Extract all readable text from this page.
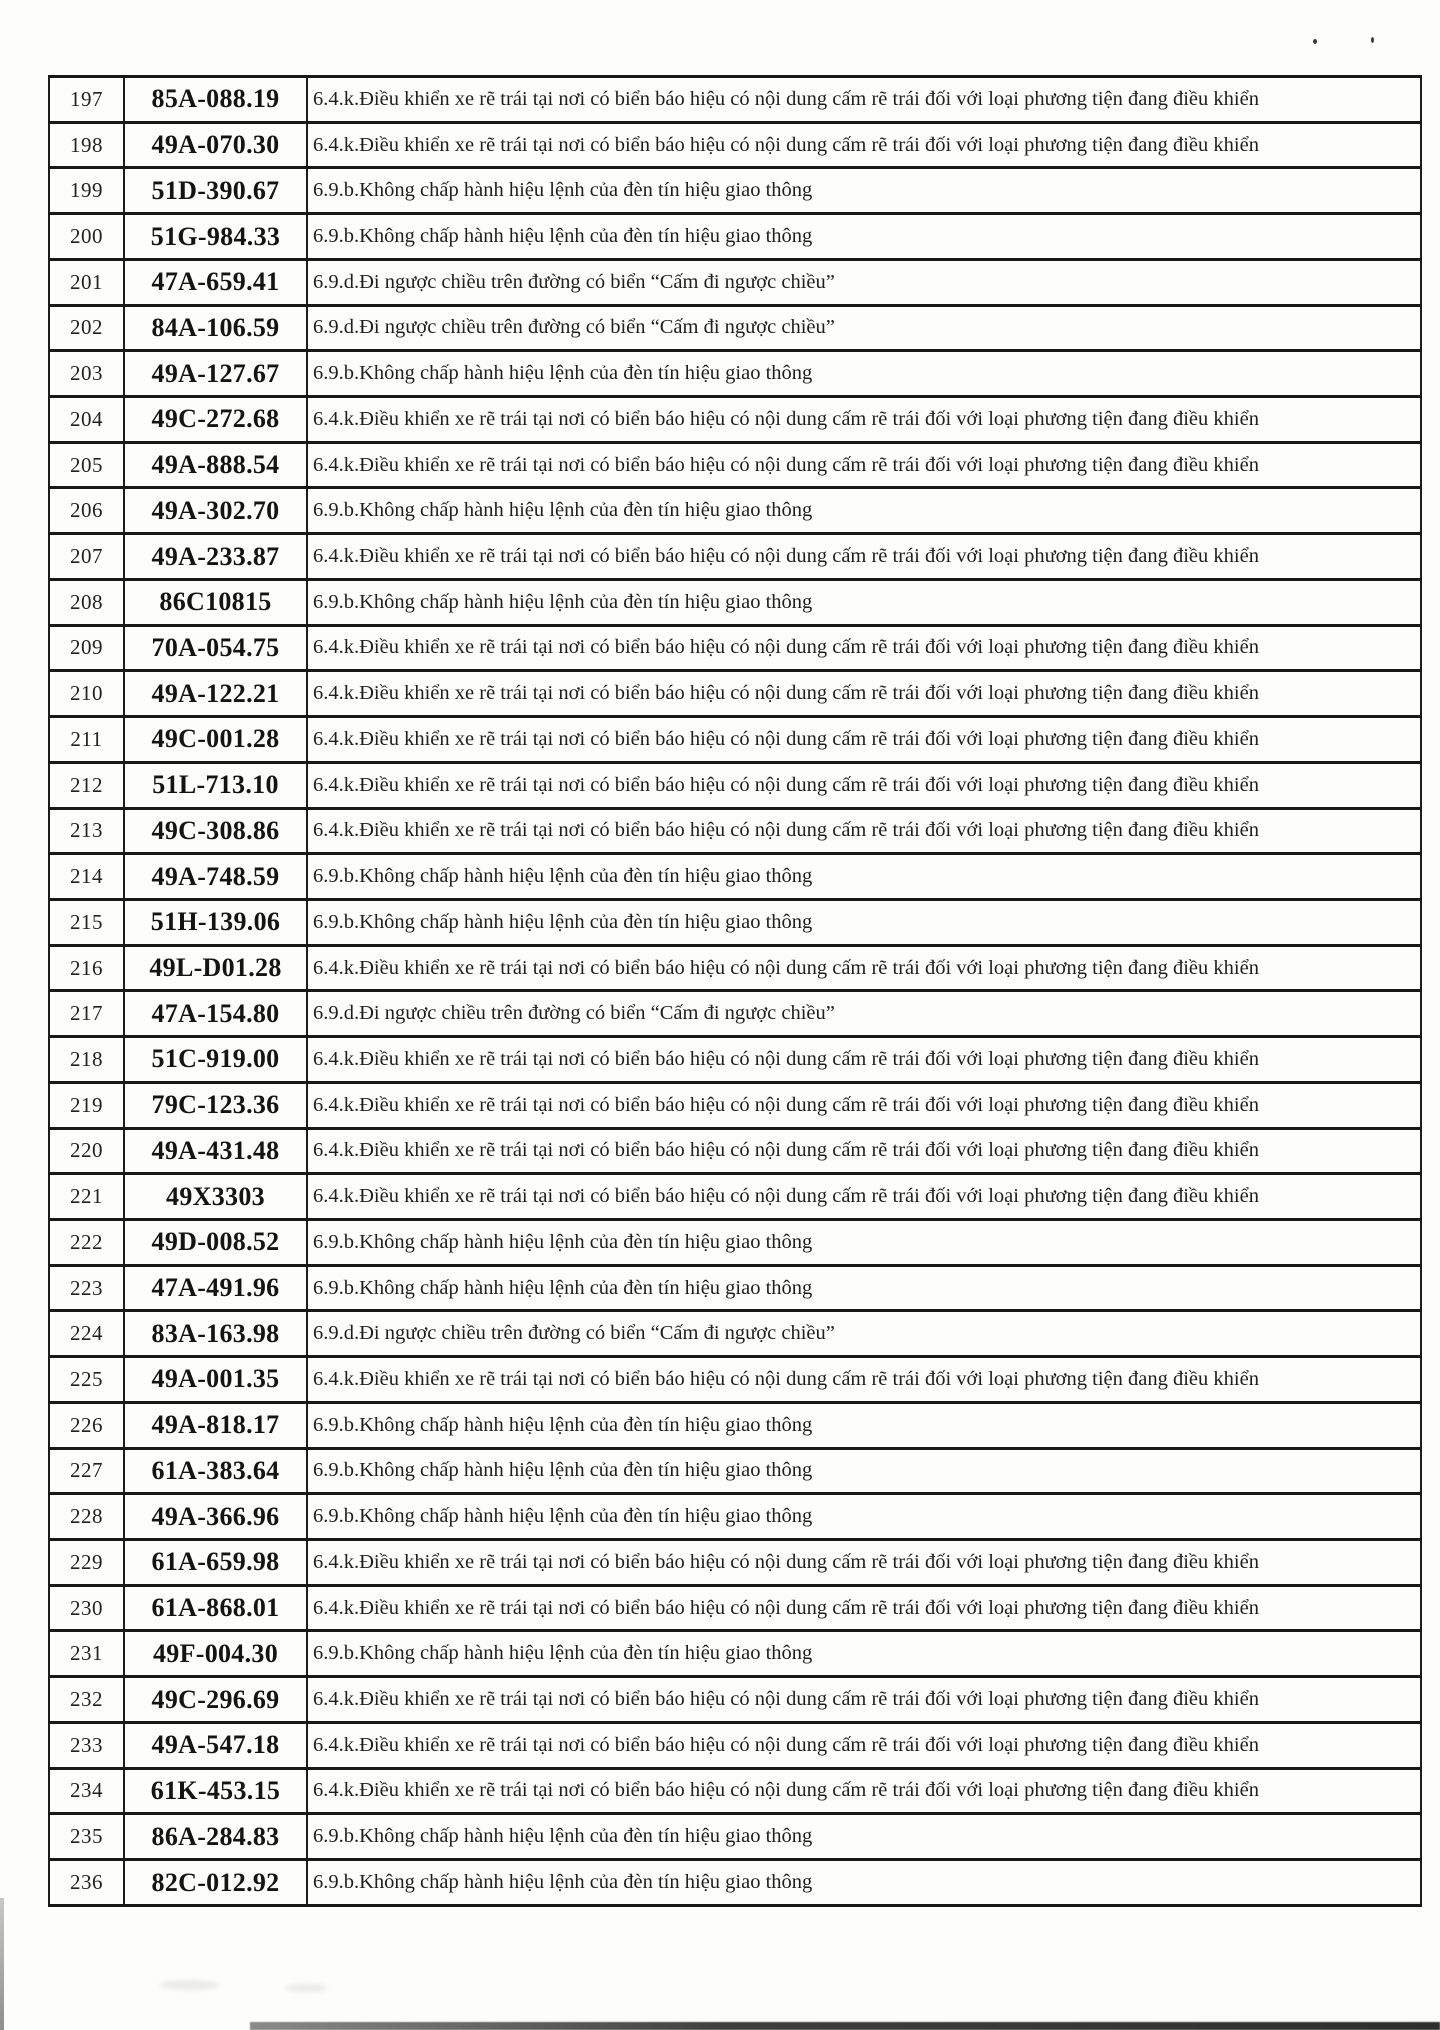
197	85A-088.19	6.4.k.Điều khiển xe rẽ trái tại nơi có biển báo hiệu có nội dung cấm rẽ trái đối với loại phương tiện đang điều khiển
198	49A-070.30	6.4.k.Điều khiển xe rẽ trái tại nơi có biển báo hiệu có nội dung cấm rẽ trái đối với loại phương tiện đang điều khiển
199	51D-390.67	6.9.b.Không chấp hành hiệu lệnh của đèn tín hiệu giao thông
200	51G-984.33	6.9.b.Không chấp hành hiệu lệnh của đèn tín hiệu giao thông
201	47A-659.41	6.9.d.Đi ngược chiều trên đường có biển “Cấm đi ngược chiều”
202	84A-106.59	6.9.d.Đi ngược chiều trên đường có biển “Cấm đi ngược chiều”
203	49A-127.67	6.9.b.Không chấp hành hiệu lệnh của đèn tín hiệu giao thông
204	49C-272.68	6.4.k.Điều khiển xe rẽ trái tại nơi có biển báo hiệu có nội dung cấm rẽ trái đối với loại phương tiện đang điều khiển
205	49A-888.54	6.4.k.Điều khiển xe rẽ trái tại nơi có biển báo hiệu có nội dung cấm rẽ trái đối với loại phương tiện đang điều khiển
206	49A-302.70	6.9.b.Không chấp hành hiệu lệnh của đèn tín hiệu giao thông
207	49A-233.87	6.4.k.Điều khiển xe rẽ trái tại nơi có biển báo hiệu có nội dung cấm rẽ trái đối với loại phương tiện đang điều khiển
208	86C10815	6.9.b.Không chấp hành hiệu lệnh của đèn tín hiệu giao thông
209	70A-054.75	6.4.k.Điều khiển xe rẽ trái tại nơi có biển báo hiệu có nội dung cấm rẽ trái đối với loại phương tiện đang điều khiển
210	49A-122.21	6.4.k.Điều khiển xe rẽ trái tại nơi có biển báo hiệu có nội dung cấm rẽ trái đối với loại phương tiện đang điều khiển
211	49C-001.28	6.4.k.Điều khiển xe rẽ trái tại nơi có biển báo hiệu có nội dung cấm rẽ trái đối với loại phương tiện đang điều khiển
212	51L-713.10	6.4.k.Điều khiển xe rẽ trái tại nơi có biển báo hiệu có nội dung cấm rẽ trái đối với loại phương tiện đang điều khiển
213	49C-308.86	6.4.k.Điều khiển xe rẽ trái tại nơi có biển báo hiệu có nội dung cấm rẽ trái đối với loại phương tiện đang điều khiển
214	49A-748.59	6.9.b.Không chấp hành hiệu lệnh của đèn tín hiệu giao thông
215	51H-139.06	6.9.b.Không chấp hành hiệu lệnh của đèn tín hiệu giao thông
216	49L-D01.28	6.4.k.Điều khiển xe rẽ trái tại nơi có biển báo hiệu có nội dung cấm rẽ trái đối với loại phương tiện đang điều khiển
217	47A-154.80	6.9.d.Đi ngược chiều trên đường có biển “Cấm đi ngược chiều”
218	51C-919.00	6.4.k.Điều khiển xe rẽ trái tại nơi có biển báo hiệu có nội dung cấm rẽ trái đối với loại phương tiện đang điều khiển
219	79C-123.36	6.4.k.Điều khiển xe rẽ trái tại nơi có biển báo hiệu có nội dung cấm rẽ trái đối với loại phương tiện đang điều khiển
220	49A-431.48	6.4.k.Điều khiển xe rẽ trái tại nơi có biển báo hiệu có nội dung cấm rẽ trái đối với loại phương tiện đang điều khiển
221	49X3303	6.4.k.Điều khiển xe rẽ trái tại nơi có biển báo hiệu có nội dung cấm rẽ trái đối với loại phương tiện đang điều khiển
222	49D-008.52	6.9.b.Không chấp hành hiệu lệnh của đèn tín hiệu giao thông
223	47A-491.96	6.9.b.Không chấp hành hiệu lệnh của đèn tín hiệu giao thông
224	83A-163.98	6.9.d.Đi ngược chiều trên đường có biển “Cấm đi ngược chiều”
225	49A-001.35	6.4.k.Điều khiển xe rẽ trái tại nơi có biển báo hiệu có nội dung cấm rẽ trái đối với loại phương tiện đang điều khiển
226	49A-818.17	6.9.b.Không chấp hành hiệu lệnh của đèn tín hiệu giao thông
227	61A-383.64	6.9.b.Không chấp hành hiệu lệnh của đèn tín hiệu giao thông
228	49A-366.96	6.9.b.Không chấp hành hiệu lệnh của đèn tín hiệu giao thông
229	61A-659.98	6.4.k.Điều khiển xe rẽ trái tại nơi có biển báo hiệu có nội dung cấm rẽ trái đối với loại phương tiện đang điều khiển
230	61A-868.01	6.4.k.Điều khiển xe rẽ trái tại nơi có biển báo hiệu có nội dung cấm rẽ trái đối với loại phương tiện đang điều khiển
231	49F-004.30	6.9.b.Không chấp hành hiệu lệnh của đèn tín hiệu giao thông
232	49C-296.69	6.4.k.Điều khiển xe rẽ trái tại nơi có biển báo hiệu có nội dung cấm rẽ trái đối với loại phương tiện đang điều khiển
233	49A-547.18	6.4.k.Điều khiển xe rẽ trái tại nơi có biển báo hiệu có nội dung cấm rẽ trái đối với loại phương tiện đang điều khiển
234	61K-453.15	6.4.k.Điều khiển xe rẽ trái tại nơi có biển báo hiệu có nội dung cấm rẽ trái đối với loại phương tiện đang điều khiển
235	86A-284.83	6.9.b.Không chấp hành hiệu lệnh của đèn tín hiệu giao thông
236	82C-012.92	6.9.b.Không chấp hành hiệu lệnh của đèn tín hiệu giao thông
